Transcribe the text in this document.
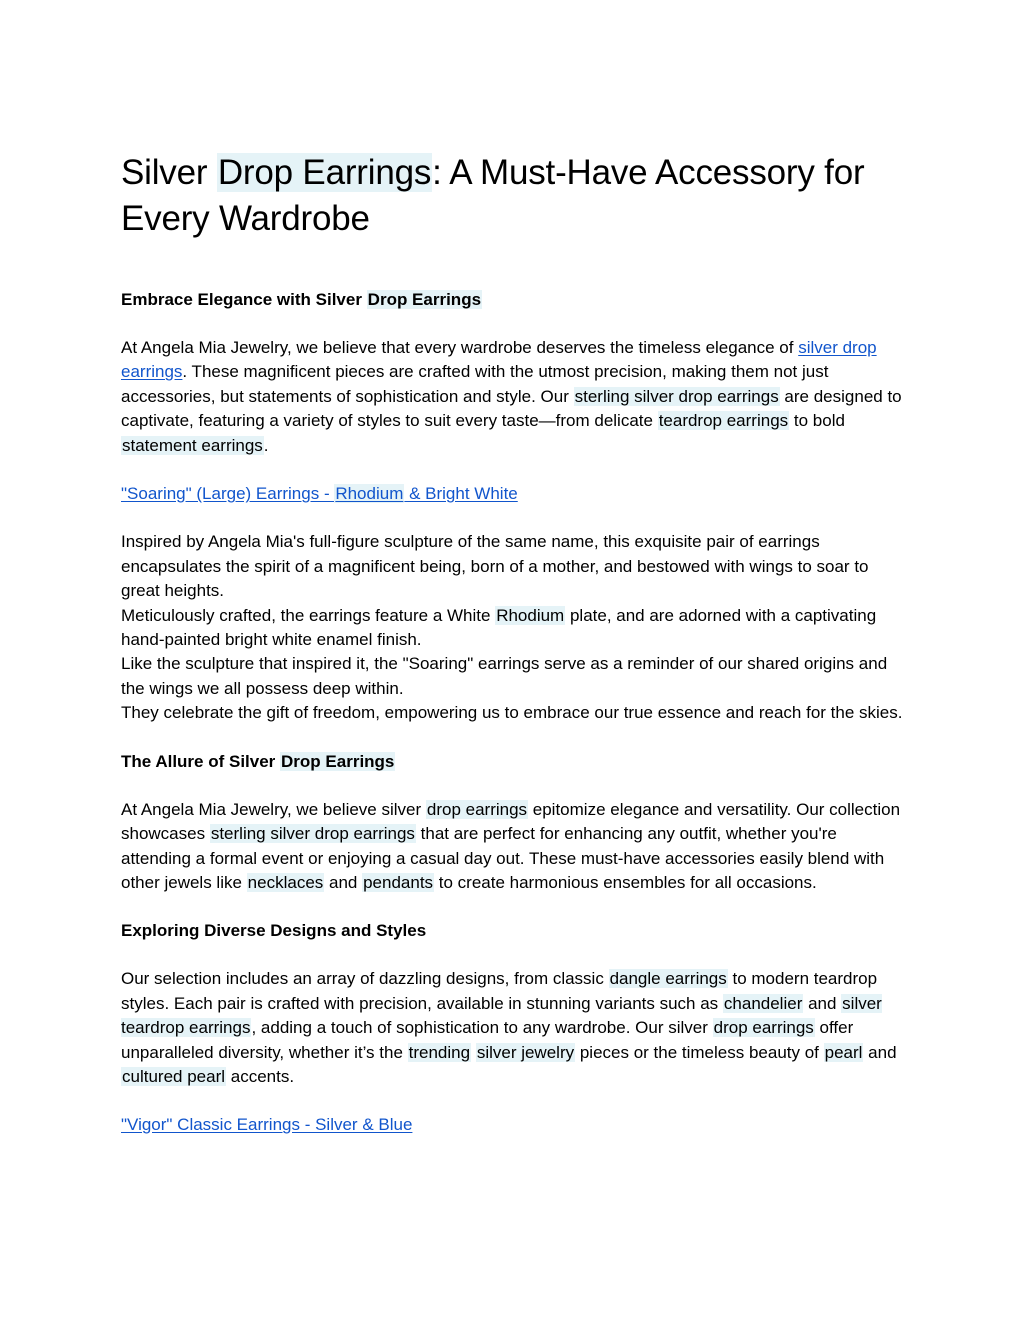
Silver Drop Earrings: A Must-Have Accessory for Every Wardrobe
Embrace Elegance with Silver Drop Earrings

At Angela Mia Jewelry, we believe that every wardrobe deserves the timeless elegance of silver drop earrings. These magnificent pieces are crafted with the utmost precision, making them not just accessories, but statements of sophistication and style. Our sterling silver drop earrings are designed to captivate, featuring a variety of styles to suit every taste—from delicate teardrop earrings to bold statement earrings.

"Soaring" (Large) Earrings - Rhodium & Bright White

Inspired by Angela Mia's full-figure sculpture of the same name, this exquisite pair of earrings encapsulates the spirit of a magnificent being, born of a mother, and bestowed with wings to soar to great heights.
Meticulously crafted, the earrings feature a White Rhodium plate, and are adorned with a captivating hand-painted bright white enamel finish.
Like the sculpture that inspired it, the "Soaring" earrings serve as a reminder of our shared origins and the wings we all possess deep within.
They celebrate the gift of freedom, empowering us to embrace our true essence and reach for the skies.

The Allure of Silver Drop Earrings

At Angela Mia Jewelry, we believe silver drop earrings epitomize elegance and versatility. Our collection showcases sterling silver drop earrings that are perfect for enhancing any outfit, whether you're attending a formal event or enjoying a casual day out. These must-have accessories easily blend with other jewels like necklaces and pendants to create harmonious ensembles for all occasions.

Exploring Diverse Designs and Styles

Our selection includes an array of dazzling designs, from classic dangle earrings to modern teardrop styles. Each pair is crafted with precision, available in stunning variants such as chandelier and silver teardrop earrings, adding a touch of sophistication to any wardrobe. Our silver drop earrings offer unparalleled diversity, whether it’s the trending silver jewelry pieces or the timeless beauty of pearl and cultured pearl accents.

"Vigor" Classic Earrings - Silver & Blue
